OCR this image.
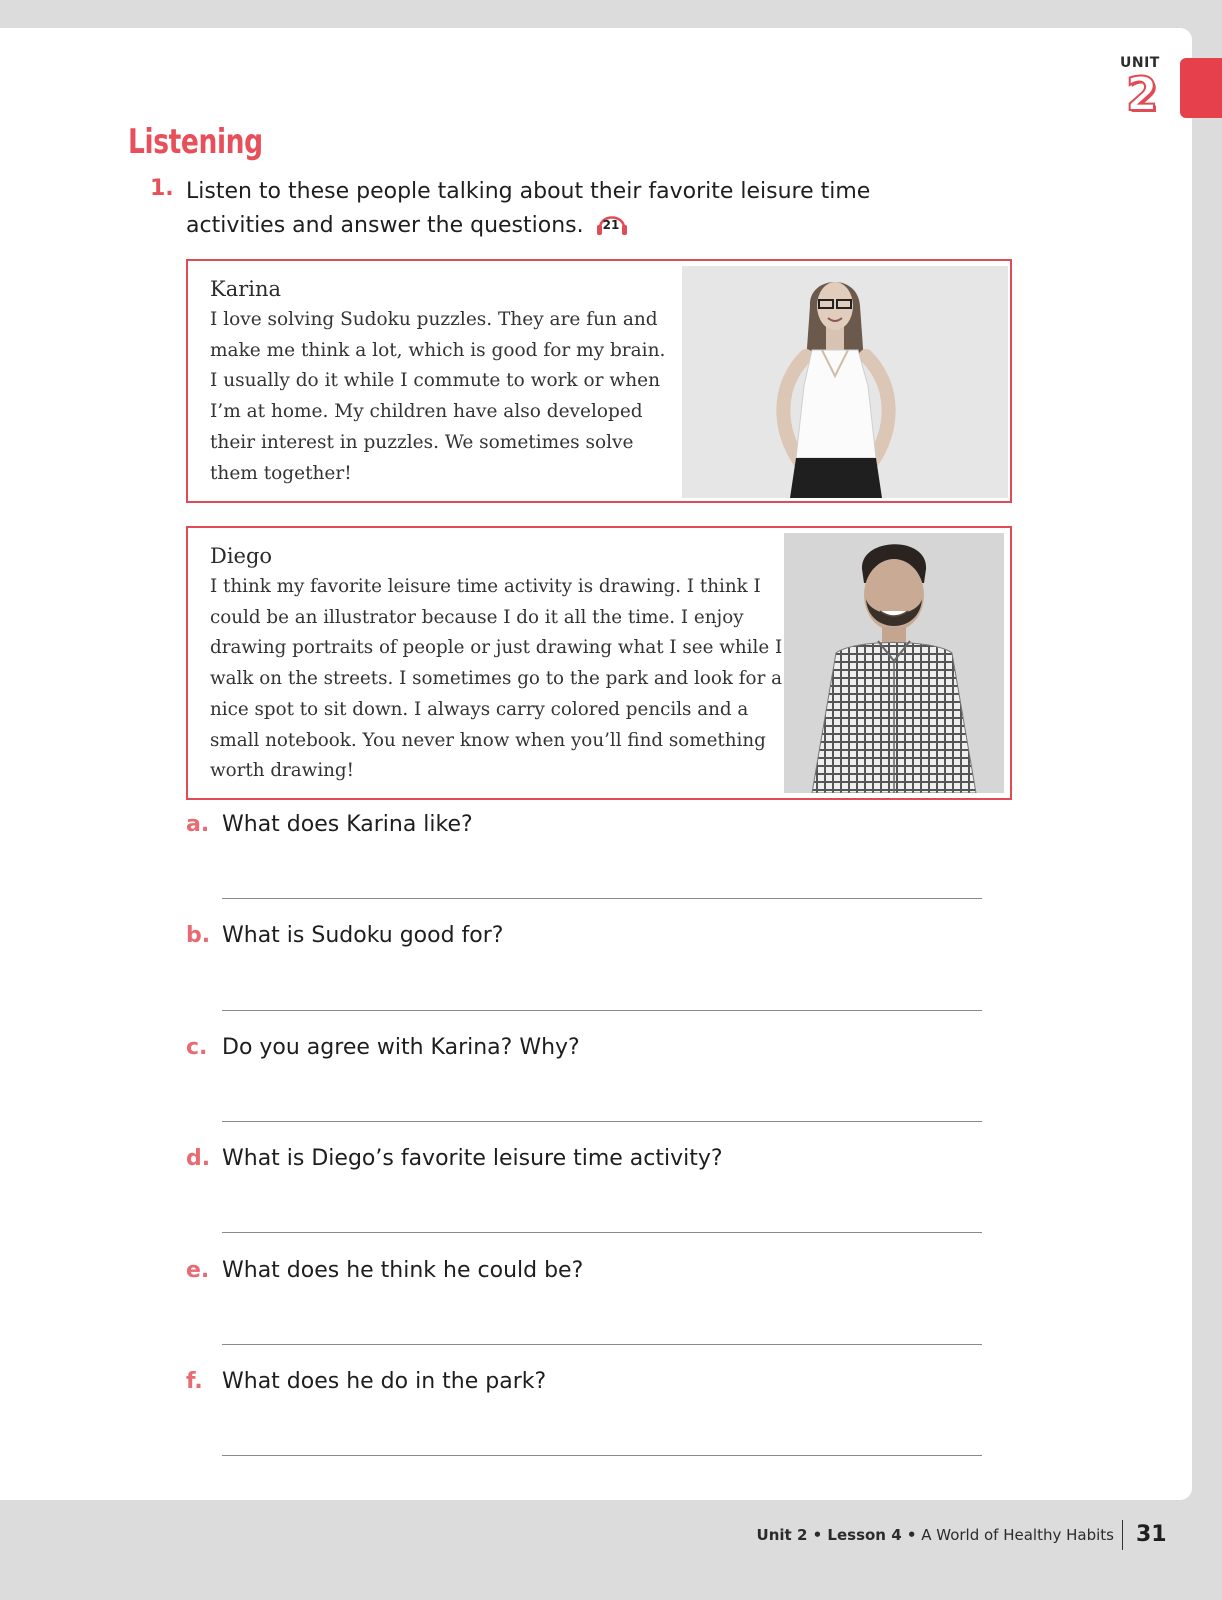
UNIT
2
Listening
1. Listen to these people talking about their favorite leisure time activities and answer the questions. 21
Karina
I love solving Sudoku puzzles. They are fun and make me think a lot, which is good for my brain. I usually do it while I commute to work or when I’m at home. My children have also developed their interest in puzzles. We sometimes solve them together!
Diego
I think my favorite leisure time activity is drawing. I think I could be an illustrator because I do it all the time. I enjoy drawing portraits of people or just drawing what I see while I walk on the streets. I sometimes go to the park and look for a nice spot to sit down. I always carry colored pencils and a small notebook. You never know when you’ll find something worth drawing!
a. What does Karina like?
b. What is Sudoku good for?
c. Do you agree with Karina? Why?
d. What is Diego’s favorite leisure time activity?
e. What does he think he could be?
f. What does he do in the park?
Unit 2 • Lesson 4 • A World of Healthy Habits 31
